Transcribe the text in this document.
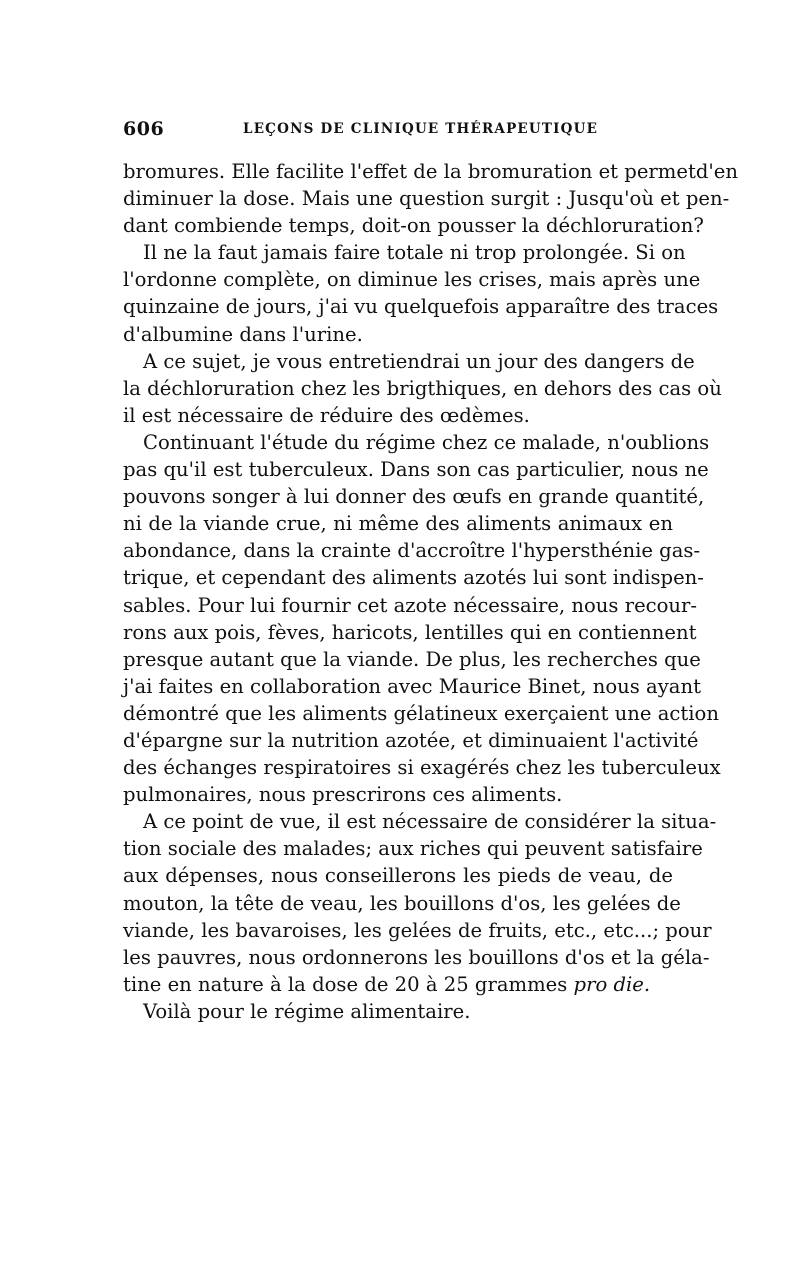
606	LEÇONS DE CLINIQUE THÉRAPEUTIQUE
bromures. Elle facilite l'effet de la bromuration et permetd'en
diminuer la dose. Mais une question surgit : Jusqu'où et pen-
dant combiende temps, doit-on pousser la déchloruration?
Il ne la faut jamais faire totale ni trop prolongée. Si on
l'ordonne complète, on diminue les crises, mais après une
quinzaine de jours, j'ai vu quelquefois apparaître des traces
d'albumine dans l'urine.
A ce sujet, je vous entretiendrai un jour des dangers de
la déchloruration chez les brigthiques, en dehors des cas où
il est nécessaire de réduire des œdèmes.
Continuant l'étude du régime chez ce malade, n'oublions
pas qu'il est tuberculeux. Dans son cas particulier, nous ne
pouvons songer à lui donner des œufs en grande quantité,
ni de la viande crue, ni même des aliments animaux en
abondance, dans la crainte d'accroître l'hypersthénie gas-
trique, et cependant des aliments azotés lui sont indispen-
sables. Pour lui fournir cet azote nécessaire, nous recour-
rons aux pois, fèves, haricots, lentilles qui en contiennent
presque autant que la viande. De plus, les recherches que
j'ai faites en collaboration avec Maurice Binet, nous ayant
démontré que les aliments gélatineux exerçaient une action
d'épargne sur la nutrition azotée, et diminuaient l'activité
des échanges respiratoires si exagérés chez les tuberculeux
pulmonaires, nous prescrirons ces aliments.
A ce point de vue, il est nécessaire de considérer la situa-
tion sociale des malades; aux riches qui peuvent satisfaire
aux dépenses, nous conseillerons les pieds de veau, de
mouton, la tête de veau, les bouillons d'os, les gelées de
viande, les bavaroises, les gelées de fruits, etc., etc...; pour
les pauvres, nous ordonnerons les bouillons d'os et la géla-
tine en nature à la dose de 20 à 25 grammes pro die.
Voilà pour le régime alimentaire.
